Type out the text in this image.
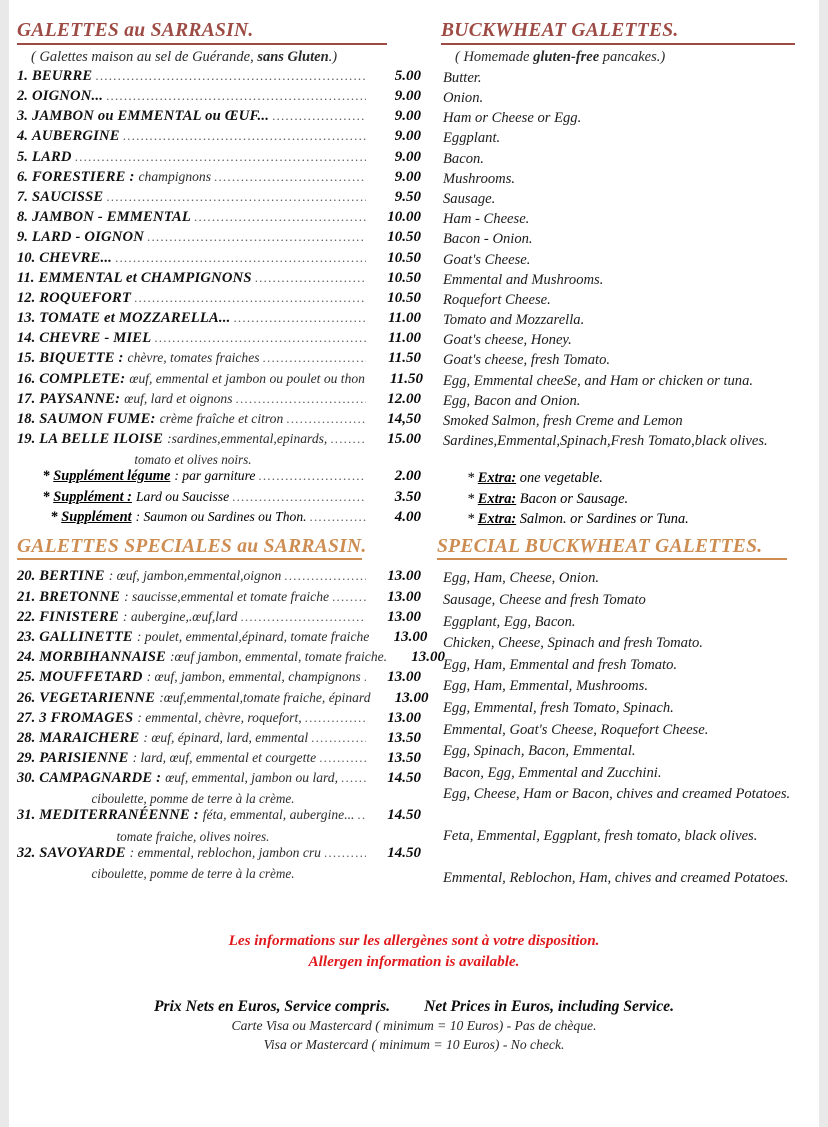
GALETTES au SARRASIN.
( Galettes maison au sel de Guérande, sans Gluten.)
1. BEURRE .....	5.00
2. OIGNON... .....	9.00
3. JAMBON ou EMMENTAL ou ŒUF... .....	9.00
4. AUBERGINE .....	9.00
5. LARD .....	9.00
6. FORESTIERE : champignons .....	9.00
7. SAUCISSE .....	9.50
8. JAMBON - EMMENTAL .....	10.00
9. LARD - OIGNON .....	10.50
10. CHEVRE... .....	10.50
11. EMMENTAL et CHAMPIGNONS .....	10.50
12. ROQUEFORT .....	10.50
13. TOMATE et MOZZARELLA... .....	11.00
14. CHEVRE - MIEL .....	11.00
15. BIQUETTE : chèvre, tomates fraiches .....	11.50
16. COMPLETE: œuf, emmental et jambon ou poulet ou thon	11.50
17. PAYSANNE: œuf, lard et oignons .....	12.00
18. SAUMON FUME: crème fraîche et citron .....	14,50
19. LA BELLE ILOISE :sardines,emmental,epinards, .....	15.00
tomato et olives noirs.
* Supplément légume : par garniture .....	2.00
* Supplément : Lard ou Saucisse .....	3.50
* Supplément : Saumon ou Sardines ou Thon. .....	4.00
GALETTES SPECIALES au SARRASIN.
20. BERTINE : œuf, jambon,emmental,oignon .....	13.00
21. BRETONNE : saucisse,emmental et tomate fraiche .....	13.00
22. FINISTERE : aubergine,.œuf,lard .....	13.00
23. GALLINETTE : poulet, emmental,épinard, tomate fraiche	13.00
24. MORBIHANNAISE :œuf jambon, emmental, tomate fraiche.	13.00
25. MOUFFETARD : œuf, jambon, emmental, champignons .....	13.00
26. VEGETARIENNE :œuf,emmental,tomate fraiche, épinard	13.00
27. 3 FROMAGES : emmental, chèvre, roquefort, .....	13.00
28. MARAICHERE : œuf, épinard, lard, emmental .....	13.50
29. PARISIENNE : lard, œuf, emmental et courgette .....	13.50
30. CAMPAGNARDE : œuf, emmental, jambon ou lard, .....	14.50
ciboulette, pomme de terre à la crème.
31. MEDITERRANÉENNE : féta, emmental, aubergine... .....	14.50
tomate fraiche, olives noires.
32. SAVOYARDE : emmental, reblochon, jambon cru .....	14.50
ciboulette, pomme de terre à la crème.
BUCKWHEAT GALETTES.
( Homemade gluten-free pancakes.)
Butter.
Onion.
Ham or Cheese or Egg.
Eggplant.
Bacon.
Mushrooms.
Sausage.
Ham - Cheese.
Bacon - Onion.
Goat's Cheese.
Emmental and Mushrooms.
Roquefort Cheese.
Tomato and Mozzarella.
Goat's cheese, Honey.
Goat's cheese, fresh Tomato.
Egg, Emmental cheeSe, and Ham or chicken or tuna.
Egg, Bacon and Onion.
Smoked Salmon, fresh Creme and Lemon
Sardines,Emmental,Spinach,Fresh Tomato,black olives.

* Extra: one vegetable.
* Extra: Bacon or Sausage.
* Extra: Salmon. or Sardines or Tuna.
SPECIAL BUCKWHEAT GALETTES.
Egg, Ham, Cheese, Onion.
Sausage, Cheese and fresh Tomato
Eggplant, Egg, Bacon.
Chicken, Cheese, Spinach and fresh Tomato.
Egg, Ham, Emmental and fresh Tomato.
Egg, Ham, Emmental, Mushrooms.
Egg, Emmental, fresh Tomato, Spinach.
Emmental, Goat's Cheese, Roquefort Cheese.
Egg, Spinach, Bacon, Emmental.
Bacon, Egg, Emmental and Zucchini.
Egg, Cheese, Ham or Bacon, chives and creamed Potatoes.

Feta, Emmental, Eggplant, fresh tomato, black olives.

Emmental, Reblochon, Ham, chives and creamed Potatoes.

Les informations sur les allergènes sont à votre disposition.
Allergen information is available.
Prix Nets en Euros, Service compris. Net Prices in Euros, including Service.
Carte Visa ou Mastercard ( minimum = 10 Euros) - Pas de chèque.
Visa or Mastercard ( minimum = 10 Euros) - No check.
